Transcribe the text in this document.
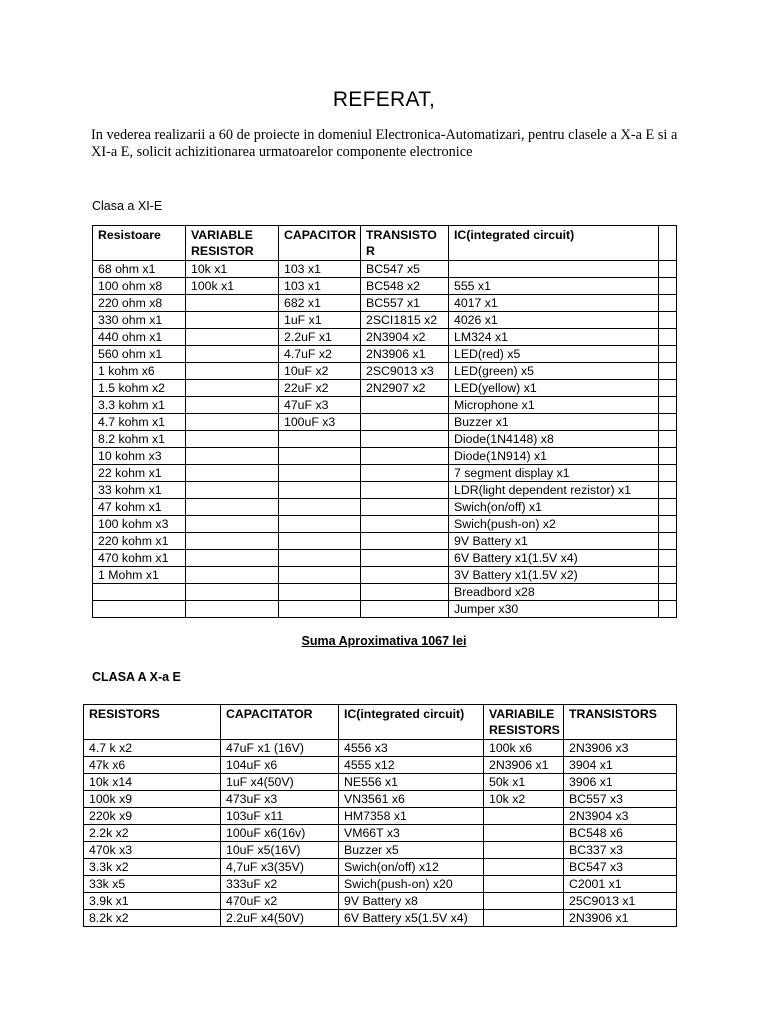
REFERAT,
In vederea realizarii a 60 de proiecte in domeniul Electronica-Automatizari, pentru clasele a X-a E si a XI-a E, solicit achizitionarea urmatoarelor componente electronice
Clasa a XI-E
Resistoare	VARIABLE RESISTOR	CAPACITOR	TRANSISTOR	IC(integrated circuit)	
68 ohm x1	10k x1	103 x1	BC547 x5		
100 ohm x8	100k x1	103 x1	BC548 x2	555 x1	
220 ohm x8		682 x1	BC557 x1	4017 x1	
330 ohm x1		1uF x1	2SCI1815 x2	4026 x1	
440 ohm x1		2.2uF x1	2N3904 x2	LM324 x1	
560 ohm x1		4.7uF x2	2N3906 x1	LED(red) x5	
1 kohm x6		10uF x2	2SC9013 x3	LED(green) x5	
1.5 kohm x2		22uF x2	2N2907 x2	LED(yellow) x1	
3.3 kohm x1		47uF x3		Microphone x1	
4.7 kohm x1		100uF x3		Buzzer x1	
8.2 kohm x1				Diode(1N4148) x8	
10 kohm x3				Diode(1N914) x1	
22 kohm x1				7 segment display x1	
33 kohm x1				LDR(light dependent rezistor) x1	
47 kohm x1				Swich(on/off) x1	
100 kohm x3				Swich(push-on) x2	
220 kohm x1				9V Battery x1	
470 kohm x1				6V Battery x1(1.5V x4)	
1 Mohm x1				3V Battery x1(1.5V x2)	
				Breadbord x28	
				Jumper x30	
Suma Aproximativa 1067 lei
CLASA A X-a E
RESISTORS	CAPACITATOR	IC(integrated circuit)	VARIABILE RESISTORS	TRANSISTORS
4.7 k x2	47uF x1 (16V)	4556 x3	100k x6	2N3906 x3
47k x6	104uF x6	4555 x12	2N3906 x1	3904 x1
10k x14	1uF x4(50V)	NE556 x1	50k x1	3906 x1
100k x9	473uF x3	VN3561 x6	10k x2	BC557 x3
220k x9	103uF x11	HM7358 x1		2N3904 x3
2.2k x2	100uF x6(16v)	VM66T x3		BC548 x6
470k x3	10uF x5(16V)	Buzzer x5		BC337 x3
3.3k x2	4,7uF x3(35V)	Swich(on/off) x12		BC547 x3
33k x5	333uF x2	Swich(push-on) x20		C2001 x1
3.9k x1	470uF x2	9V Battery x8		25C9013 x1
8.2k x2	2.2uF x4(50V)	6V Battery x5(1.5V x4)		2N3906 x1
